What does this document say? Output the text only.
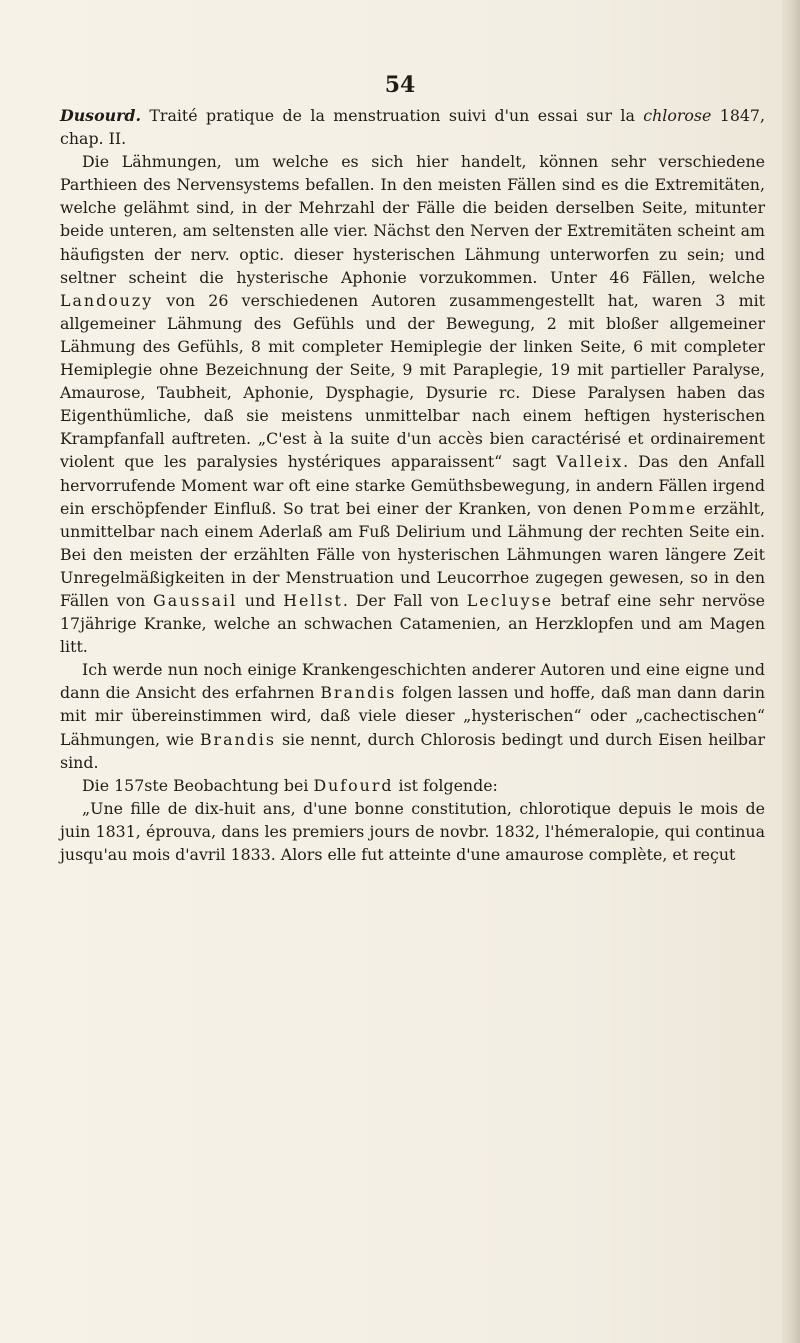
54

Dusourd. Traité pratique de la menstruation suivi d'un essai sur la chlorose 1847, chap. II.

Die Lähmungen, um welche es sich hier handelt, können sehr verschiedene Parthieen des Nervensystems befallen. In den meisten Fällen sind es die Extremitäten, welche gelähmt sind, in der Mehrzahl der Fälle die beiden derselben Seite, mitunter beide unteren, am seltensten alle vier. Nächst den Nerven der Extremitäten scheint am häufigsten der nerv. optic. dieser hysterischen Lähmung unterworfen zu sein; und seltner scheint die hysterische Aphonie vorzukommen. Unter 46 Fällen, welche Landouzy von 26 verschiedenen Autoren zusammengestellt hat, waren 3 mit allgemeiner Lähmung des Gefühls und der Bewegung, 2 mit bloßer allgemeiner Lähmung des Gefühls, 8 mit completer Hemiplegie der linken Seite, 6 mit completer Hemiplegie ohne Bezeichnung der Seite, 9 mit Paraplegie, 19 mit partieller Paralyse, Amaurose, Taubheit, Aphonie, Dysphagie, Dysurie rc. Diese Paralysen haben das Eigenthümliche, daß sie meistens unmittelbar nach einem heftigen hysterischen Krampfanfall auftreten. „C'est à la suite d'un accès bien caractérisé et ordinairement violent que les paralysies hystériques apparaissent“ sagt Valleix. Das den Anfall hervorrufende Moment war oft eine starke Gemüthsbewegung, in andern Fällen irgend ein erschöpfender Einfluß. So trat bei einer der Kranken, von denen Pomme erzählt, unmittelbar nach einem Aderlaß am Fuß Delirium und Lähmung der rechten Seite ein. Bei den meisten der erzählten Fälle von hysterischen Lähmungen waren längere Zeit Unregelmäßigkeiten in der Menstruation und Leucorrhoe zugegen gewesen, so in den Fällen von Gaussail und Hellst. Der Fall von Lecluyse betraf eine sehr nervöse 17jährige Kranke, welche an schwachen Catamenien, an Herzklopfen und am Magen litt.

Ich werde nun noch einige Krankengeschichten anderer Autoren und eine eigne und dann die Ansicht des erfahrnen Brandis folgen lassen und hoffe, daß man dann darin mit mir übereinstimmen wird, daß viele dieser „hysterischen“ oder „cachectischen“ Lähmungen, wie Brandis sie nennt, durch Chlorosis bedingt und durch Eisen heilbar sind.

Die 157ste Beobachtung bei Dufourd ist folgende:

„Une fille de dix-huit ans, d'une bonne constitution, chlorotique depuis le mois de juin 1831, éprouva, dans les premiers jours de novbr. 1832, l'hémeralopie, qui continua jusqu'au mois d'avril 1833. Alors elle fut atteinte d'une amaurose complète, et reçut
